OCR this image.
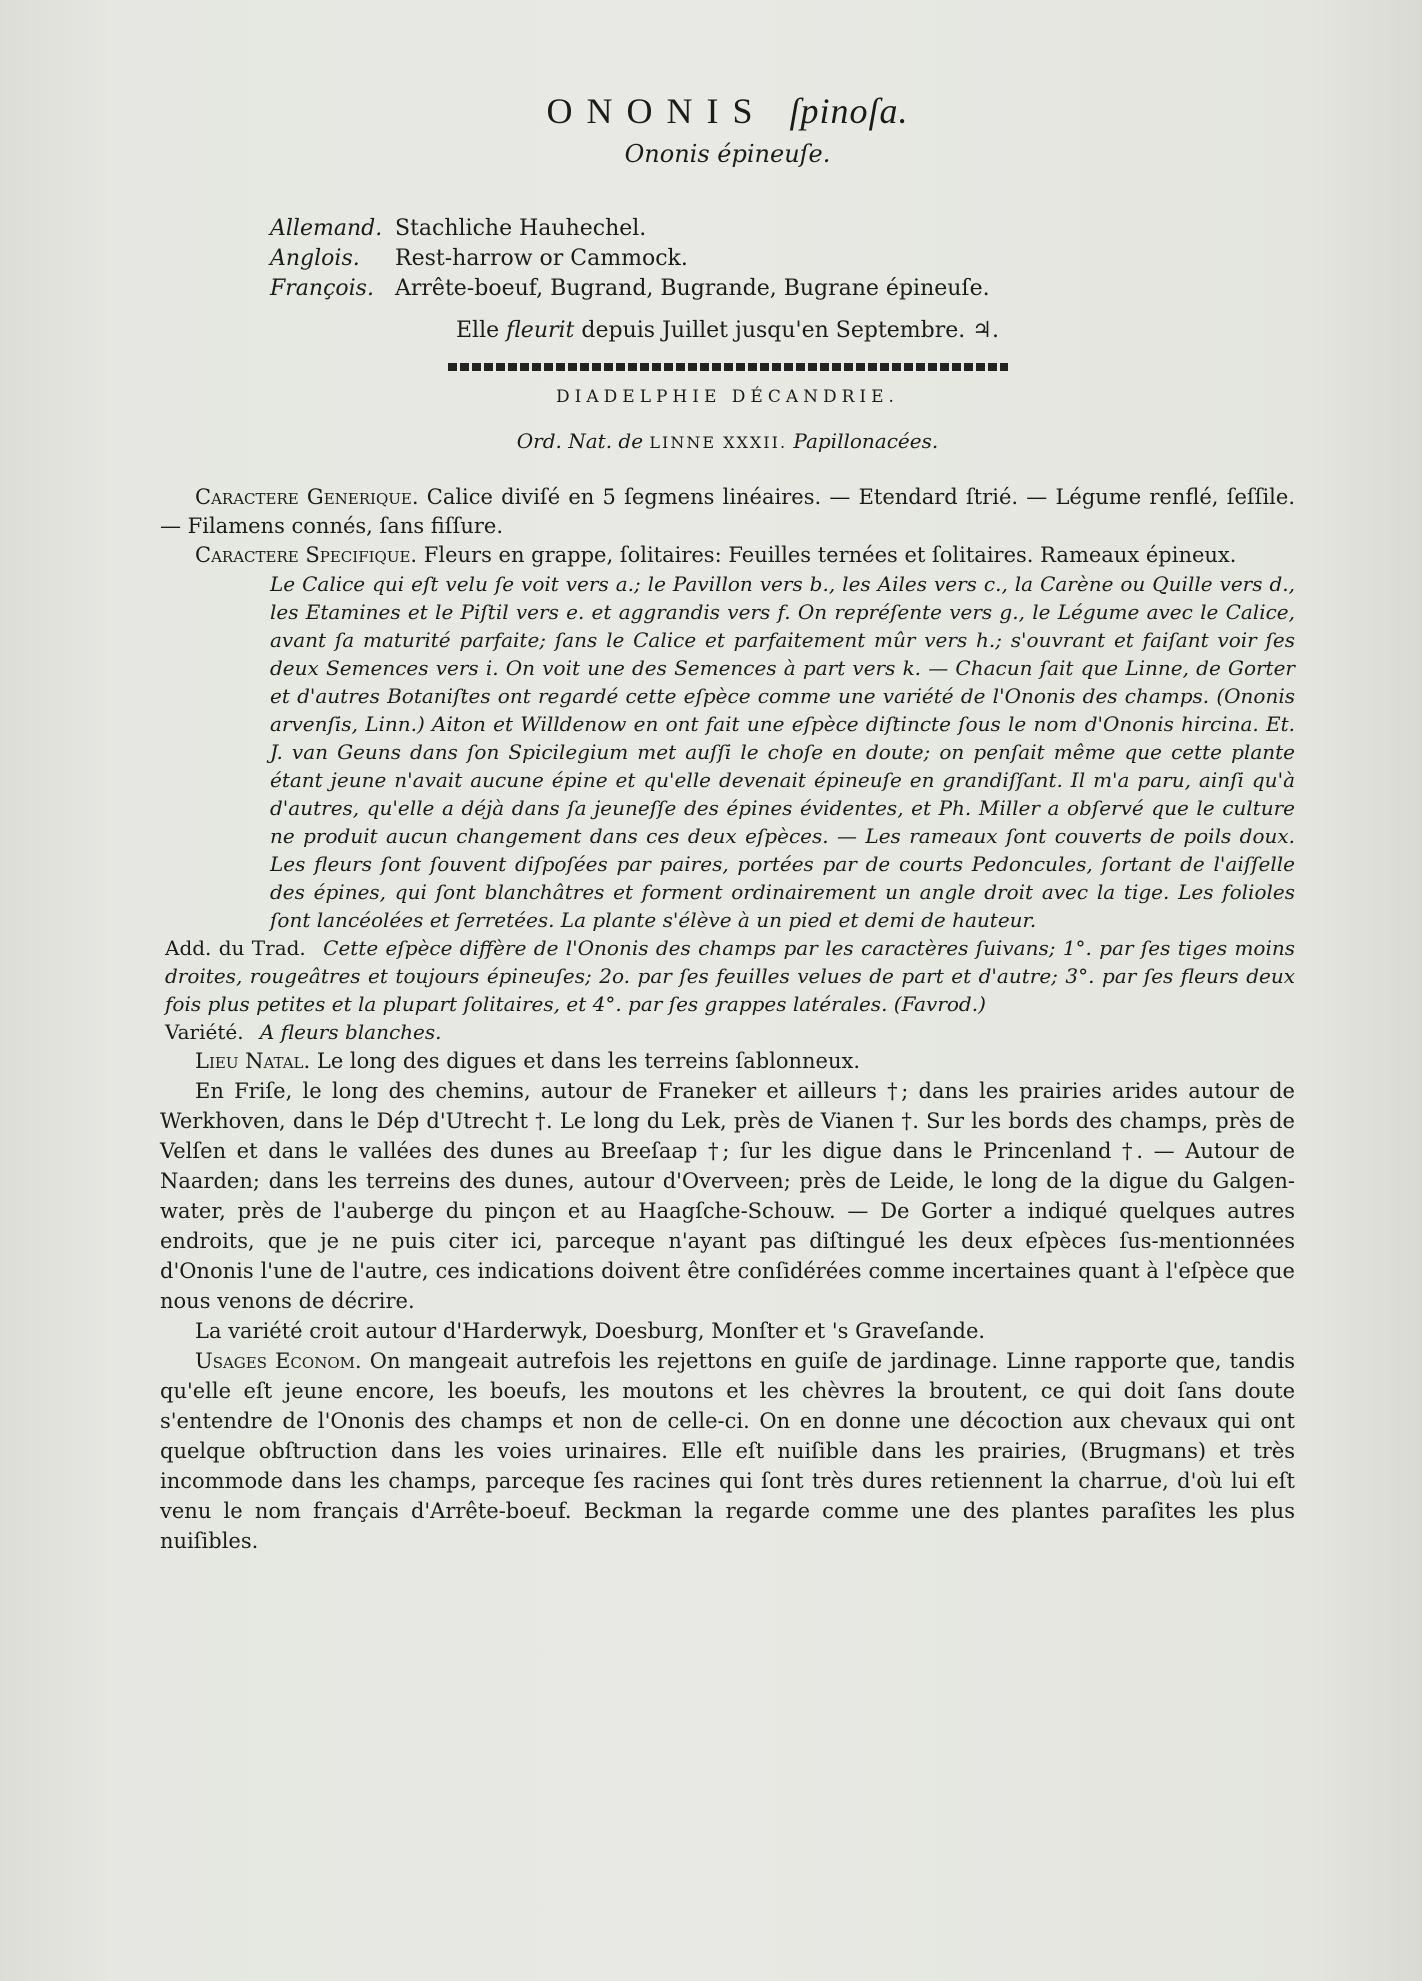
ONONIS ſpinoſa.
Ononis épineuſe.
Allemand. Stachliche Hauhechel.
Anglois.	Rest-harrow or Cammock.
François. Arrête-boeuf, Bugrand, Bugrande, Bugrane épineuſe.
Elle fleurit depuis Juillet jusqu'en Septembre. ♃.
DIADELPHIE DÉCANDRIE.
Ord. Nat. de LINNE XXXII. Papillonacées.
Caractere Generique. Calice diviſé en 5 ſegmens linéaires. — Etendard ſtrié. — Légume renflé, ſeſſile. — Filamens connés, ſans fiſſure.
Caractere Specifique. Fleurs en grappe, ſolitaires: Feuilles ternées et ſolitaires. Rameaux épineux.
Le Calice qui eſt velu ſe voit vers a.; le Pavillon vers b., les Ailes vers c., la Carène ou Quille vers d., les Etamines et le Piſtil vers e. et aggrandis vers f. On repréſente vers g., le Légume avec le Calice, avant ſa maturité parfaite; ſans le Calice et parfaitement mûr vers h.; s'ouvrant et faiſant voir ſes deux Semences vers i. On voit une des Semences à part vers k. — Chacun ſait que Linne, de Gorter et d'autres Botaniſtes ont regardé cette eſpèce comme une variété de l'Ononis des champs. (Ononis arvenſis, Linn.) Aiton et Willdenow en ont fait une eſpèce diſtincte ſous le nom d'Ononis hircina. Et. J. van Geuns dans ſon Spicilegium met auſſi le choſe en doute; on penſait même que cette plante étant jeune n'avait aucune épine et qu'elle devenait épineuſe en grandiſſant. Il m'a paru, ainſi qu'à d'autres, qu'elle a déjà dans ſa jeuneſſe des épines évidentes, et Ph. Miller a obſervé que le culture ne produit aucun changement dans ces deux eſpèces. — Les rameaux ſont couverts de poils doux. Les fleurs ſont ſouvent diſpoſées par paires, portées par de courts Pedoncules, ſortant de l'aiſſelle des épines, qui ſont blanchâtres et forment ordinairement un angle droit avec la tige. Les folioles ſont lancéolées et ſerretées. La plante s'élève à un pied et demi de hauteur.
Add. du Trad. Cette eſpèce diffère de l'Ononis des champs par les caractères ſuivans; 1°. par ſes tiges moins droites, rougeâtres et toujours épineuſes; 2o. par ſes feuilles velues de part et d'autre; 3°. par ſes fleurs deux fois plus petites et la plupart ſolitaires, et 4°. par ſes grappes latérales. (Favrod.)
Variété. A fleurs blanches.
Lieu Natal. Le long des digues et dans les terreins ſablonneux.
En Friſe, le long des chemins, autour de Franeker et ailleurs †; dans les prairies arides autour de Werkhoven, dans le Dép d'Utrecht †. Le long du Lek, près de Vianen †. Sur les bords des champs, près de Velſen et dans le vallées des dunes au Breeſaap †; ſur les digue dans le Princenland †. — Autour de Naarden; dans les terreins des dunes, autour d'Overveen; près de Leide, le long de la digue du Galgen-water, près de l'auberge du pinçon et au Haagſche-Schouw. — De Gorter a indiqué quelques autres endroits, que je ne puis citer ici, parceque n'ayant pas diſtingué les deux eſpèces ſus-mentionnées d'Ononis l'une de l'autre, ces indications doivent être conſidérées comme incertaines quant à l'eſpèce que nous venons de décrire.
La variété croit autour d'Harderwyk, Doesburg, Monſter et 's Graveſande.
Usages Econom. On mangeait autrefois les rejettons en guiſe de jardinage. Linne rapporte que, tandis qu'elle eſt jeune encore, les boeufs, les moutons et les chèvres la broutent, ce qui doit ſans doute s'entendre de l'Ononis des champs et non de celle-ci. On en donne une décoction aux chevaux qui ont quelque obſtruction dans les voies urinaires. Elle eſt nuiſible dans les prairies, (Brugmans) et très incommode dans les champs, parceque ſes racines qui ſont très dures retiennent la charrue, d'où lui eſt venu le nom français d'Arrête-boeuf. Beckman la regarde comme une des plantes paraſites les plus nuiſibles.
